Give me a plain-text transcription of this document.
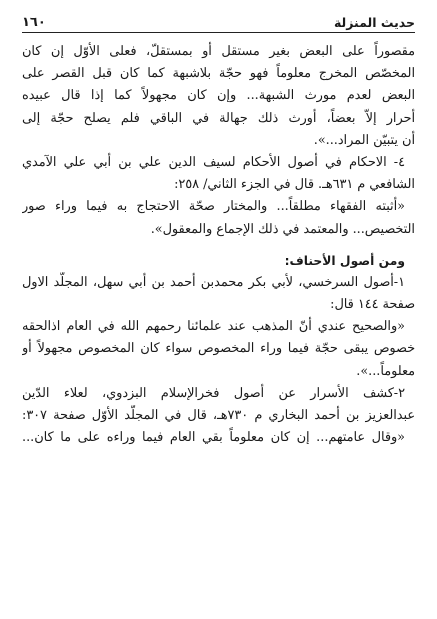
حديث المنزلة
١٦٠
مقصوراً على البعض بغير مستقل أو بمستقلّ، فعلى الأوّل إن كان
المخصّص المخرج معلوماً فهو حجّة بلاشبهة كما كان قبل القصر على
البعض لعدم مورث الشبهة... وإن كان مجهولاً كما إذا قال عبيده
أحرار إلاّ بعضاً، أورث ذلك جهالة في الباقي فلم يصلح حجّة إلى
أن يتبيّن المراد...».
٤- الاحكام في أصول الأحكام لسيف الدين علي بن أبي علي الآمدي
الشافعي م ٦٣١هـ. قال في الجزء الثاني/ ٢٥٨:
«أثبته الفقهاء مطلقاً... والمختار صحّة الاحتجاج به فيما وراء صور
التخصيص... والمعتمد في ذلك الإجماع والمعقول».
ومن أصول الأحناف:
١-أصول السرخسي، لأبي بكر محمدبن أحمد بن أبي سهل، المجلّد الاول
صفحة ١٤٤ قال:
«والصحيح عندي أنّ المذهب عند علمائنا رحمهم الله في العام اذالحقه
خصوص يبقى حجّة فيما وراء المخصوص سواء كان المخصوص مجهولاً أو
معلوماً...».
٢-كشف الأسرار عن أصول فخرالإسلام البزدوي، لعلاء الدّين
عبدالعزيز بن أحمد البخاري م ٧٣٠هـ، قال في المجلّد الأوّل صفحة ٣٠٧:
«وقال عامتهم... إن كان معلوماً بقي العام فيما وراءه على ما كان...
